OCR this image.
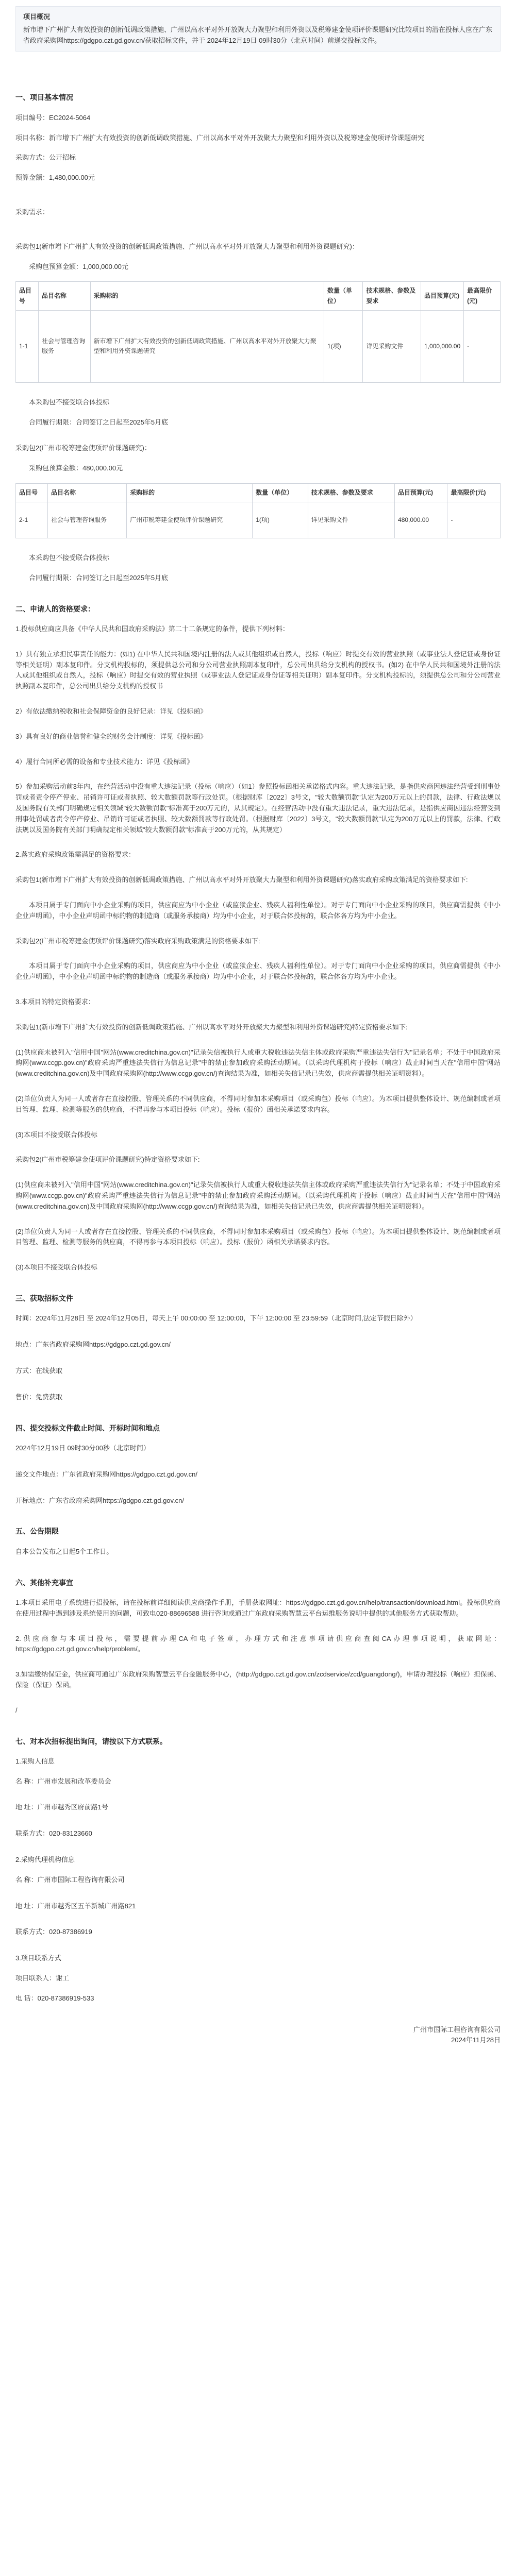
项目概况

新市增下广州扩大有效投资的创新低调政策措施、广州以高水平对外开放聚大力聚型和利用外资以及税筹建金使项评价课题研究比较项目的潜在投标人应在广东省政府采购网https://gdgpo.czt.gd.gov.cn/获取招标文件，并于 2024年12月19日 09时30分（北京时间）前递交投标文件。

一、项目基本情况

项目编号：EC2024-5064

项目名称：新市增下广州扩大有效投资的创新低调政策措施、广州以高水平对外开放聚大力聚型和利用外资以及税筹建金使项评价课题研究

采购方式：公开招标

预算金额：1,480,000.00元

采购需求：

采购包1(新市增下广州扩大有效投资的创新低调政策措施、广州以高水平对外开放聚大力聚型和利用外资课题研究)：

采购包预算金额：1,000,000.00元

品目号	品目名称	采购标的	数量（单位）	技术规格、参数及要求	品目预算(元)	最高限价(元)
1-1	社会与管理咨询服务	新市增下广州扩大有效投资的创新低调政策措施、广州以高水平对外开放聚大力聚型和利用外资课题研究	1(项)	详见采购文件	1,000,000.00	-

本采购包不接受联合体投标

合同履行期限：合同签订之日起至2025年5月底

采购包2(广州市税筹建金使项评价课题研究)：

采购包预算金额：480,000.00元

品目号	品目名称	采购标的	数量（单位）	技术规格、参数及要求	品目预算(元)	最高限价(元)
2-1	社会与管理咨询服务	广州市税筹建金使项评价课题研究	1(项)	详见采购文件	480,000.00	-

本采购包不接受联合体投标

合同履行期限：合同签订之日起至2025年5月底

二、申请人的资格要求：

1.投标供应商应具备《中华人民共和国政府采购法》第二十二条规定的条件，提供下列材料：

1）具有独立承担民事责任的能力：(如1) 在中华人民共和国境内注册的法人或其他组织或自然人，投标（响应）时提交有效的营业执照（或事业法人登记证或身份证等相关证明）副本复印件。分支机构投标的，须提供总公司和分公司营业执照副本复印件，总公司出具给分支机构的授权书。(如2) 在中华人民共和国境外注册的法人或其他组织或自然人，投标（响应）时提交有效的营业执照（或事业法人登记证或身份证等相关证明）副本复印件。分支机构投标的，须提供总公司和分公司营业执照副本复印件，总公司出具给分支机构的授权书

2）有依法缴纳税收和社会保障资金的良好记录：详见《投标函》

3）具有良好的商业信誉和健全的财务会计制度：详见《投标函》

4）履行合同所必需的设备和专业技术能力：详见《投标函》

5）参加采购活动前3年内，在经营活动中没有重大违法记录（投标（响应）（如1）参照投标函相关承诺格式内容。重大违法记录，是指供应商因违法经营受到刑事处罚或者责令停产停业、吊销许可证或者执照、较大数额罚款等行政处罚。（根据财库〔2022〕3号文，"较大数额罚款"认定为200万元以上的罚款，法律、行政法规以及国务院有关部门明确规定相关领域"较大数额罚款"标准高于200万元的，从其规定）。在经营活动中没有重大违法记录，重大违法记录，是指供应商因违法经营受到刑事处罚或者责令停产停业、吊销许可证或者执照、较大数额罚款等行政处罚。（根据财库〔2022〕3号文，"较大数额罚款"认定为200万元以上的罚款，法律、行政法规以及国务院有关部门明确规定相关领域"较大数额罚款"标准高于200万元的，从其规定）

2.落实政府采购政策需满足的资格要求：

采购包1(新市增下广州扩大有效投资的创新低调政策措施、广州以高水平对外开放聚大力聚型和利用外资课题研究)落实政府采购政策满足的资格要求如下:

本项目属于专门面向中小企业采购的项目，供应商应为中小企业（或监狱企业、残疾人福利性单位）。对于专门面向中小企业采购的项目，供应商需提供《中小企业声明函》，中小企业声明函中标的物的制造商（或服务承接商）均为中小企业，对于联合体投标的，联合体各方均为中小企业。

采购包2(广州市税筹建金使项评价课题研究)落实政府采购政策满足的资格要求如下:

本项目属于专门面向中小企业采购的项目，供应商应为中小企业（或监狱企业、残疾人福利性单位）。对于专门面向中小企业采购的项目，供应商需提供《中小企业声明函》，中小企业声明函中标的物的制造商（或服务承接商）均为中小企业，对于联合体投标的，联合体各方均为中小企业。

3.本项目的特定资格要求：

采购包1(新市增下广州扩大有效投资的创新低调政策措施、广州以高水平对外开放聚大力聚型和利用外资课题研究)特定资格要求如下:

(1)供应商未被列入"信用中国"网站(www.creditchina.gov.cn)"记录失信被执行人或重大税收违法失信主体或政府采购严重违法失信行为"记录名单；不处于中国政府采购网(www.ccgp.gov.cn)"政府采购严重违法失信行为信息记录"中的禁止参加政府采购活动期间。（以采购代理机构于投标（响应）截止时间当天在"信用中国"网站(www.creditchina.gov.cn)及中国政府采购网(http://www.ccgp.gov.cn/)查询结果为准，如相关失信记录已失效，供应商需提供相关证明资料）。

(2)单位负责人为同一人或者存在直接控股、管理关系的不同供应商，不得同时参加本采购项目（或采购包）投标（响应）。为本项目提供整体设计、规范编制或者项目管理、监理、检测等服务的供应商，不得再参与本项目投标（响应）。投标（报价）函相关承诺要求内容。

(3)本项目不接受联合体投标

采购包2(广州市税筹建金使项评价课题研究)特定资格要求如下:

(1)供应商未被列入"信用中国"网站(www.creditchina.gov.cn)"记录失信被执行人或重大税收违法失信主体或政府采购严重违法失信行为"记录名单；不处于中国政府采购网(www.ccgp.gov.cn)"政府采购严重违法失信行为信息记录"中的禁止参加政府采购活动期间。（以采购代理机构于投标（响应）截止时间当天在"信用中国"网站(www.creditchina.gov.cn)及中国政府采购网(http://www.ccgp.gov.cn/)查询结果为准，如相关失信记录已失效，供应商需提供相关证明资料）。

(2)单位负责人为同一人或者存在直接控股、管理关系的不同供应商，不得同时参加本采购项目（或采购包）投标（响应）。为本项目提供整体设计、规范编制或者项目管理、监理、检测等服务的供应商，不得再参与本项目投标（响应）。投标（报价）函相关承诺要求内容。

(3)本项目不接受联合体投标

三、获取招标文件

时间：2024年11月28日 至 2024年12月05日，每天上午 00:00:00 至 12:00:00，下午 12:00:00 至 23:59:59（北京时间,法定节假日除外）

地点：广东省政府采购网https://gdgpo.czt.gd.gov.cn/

方式：在线获取

售价：免费获取

四、提交投标文件截止时间、开标时间和地点

2024年12月19日 09时30分00秒（北京时间）

递交文件地点：广东省政府采购网https://gdgpo.czt.gd.gov.cn/

开标地点：广东省政府采购网https://gdgpo.czt.gd.gov.cn/

五、公告期限

自本公告发布之日起5个工作日。

六、其他补充事宜

1.本项目采用电子系统进行招投标，请在投标前详细阅读供应商操作手册，手册获取网址：https://gdgpo.czt.gd.gov.cn/help/transaction/download.html。投标供应商在使用过程中遇到涉及系统使用的问题，可致电020-88696588 进行咨询或通过广东政府采购智慧云平台运维服务说明中提供的其他服务方式获取帮助。

2.供应商参与本项目投标，需要提前办理CA和电子签章，办理方式和注意事项请供应商查阅CA办理事项说明，获取网址：https://gdgpo.czt.gd.gov.cn/help/problem/。

3.如需缴纳保证金，供应商可通过广东政府采购智慧云平台金融服务中心，(http://gdgpo.czt.gd.gov.cn/zcdservice/zcd/guangdong/)，申请办理投标（响应）担保函、保险（保证）保函。

/

七、对本次招标提出询问，请按以下方式联系。

1.采购人信息

名 称：广州市发展和改革委员会

地 址：广州市越秀区府前路1号

联系方式：020-83123660

2.采购代理机构信息

名 称：广州市国际工程咨询有限公司

地 址：广州市越秀区五羊新城广州路821

联系方式：020-87386919

3.项目联系方式

项目联系人：谢工

电 话：020-87386919-533

广州市国际工程咨询有限公司
2024年11月28日
